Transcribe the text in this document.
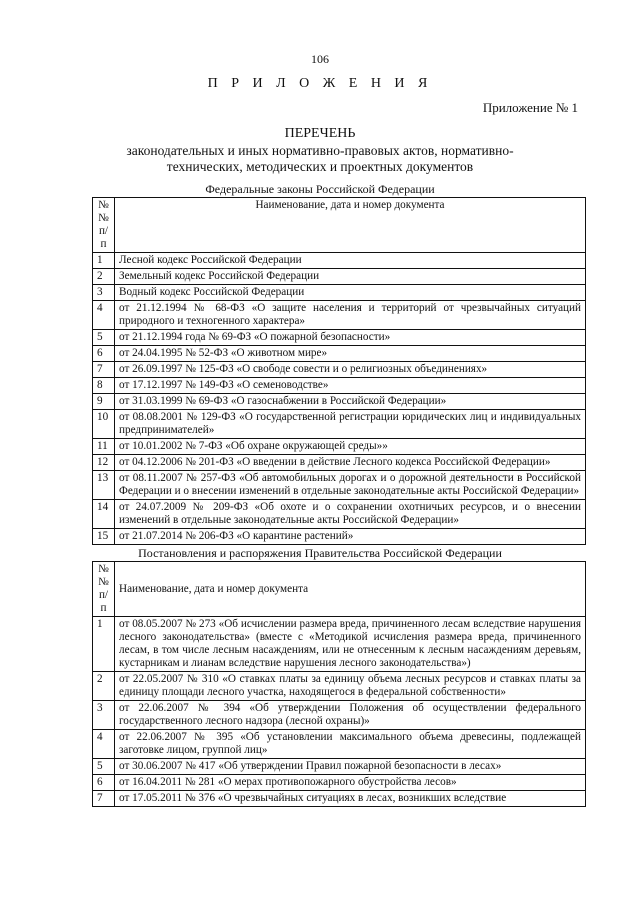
106
П Р И Л О Ж Е Н И Я
Приложение № 1
ПЕРЕЧЕНЬ
законодательных и иных нормативно-правовых актов, нормативно-технических, методических и проектных документов
Федеральные законы Российской Федерации
№№ п/п	Наименование, дата и номер документа
1	Лесной кодекс Российской Федерации
2	Земельный кодекс Российской Федерации
3	Водный кодекс Российской Федерации
4	от 21.12.1994 № 68-ФЗ «О защите населения и территорий от чрезвычайных ситуаций природного и техногенного характера»
5	от 21.12.1994 года № 69-ФЗ «О пожарной безопасности»
6	от 24.04.1995 № 52-ФЗ «О животном мире»
7	от 26.09.1997 № 125-ФЗ «О свободе совести и о религиозных объединениях»
8	от 17.12.1997 № 149-ФЗ «О семеноводстве»
9	от 31.03.1999 № 69-ФЗ «О газоснабжении в Российской Федерации»
10	от 08.08.2001 № 129-ФЗ «О государственной регистрации юридических лиц и индивидуальных предпринимателей»
11	от 10.01.2002 № 7-ФЗ «Об охране окружающей среды»»
12	от 04.12.2006 № 201-ФЗ «О введении в действие Лесного кодекса Российской Федерации»
13	от 08.11.2007 № 257-ФЗ «Об автомобильных дорогах и о дорожной деятельности в Российской Федерации и о внесении изменений в отдельные законодательные акты Российской Федерации»
14	от 24.07.2009 № 209-ФЗ «Об охоте и о сохранении охотничьих ресурсов, и о внесении изменений в отдельные законодательные акты Российской Федерации»
15	от 21.07.2014 № 206-ФЗ «О карантине растений»
Постановления и распоряжения Правительства Российской Федерации
№№ п/п	Наименование, дата и номер документа
1	от 08.05.2007 № 273 «Об исчислении размера вреда, причиненного лесам вследствие нарушения лесного законодательства» (вместе с «Методикой исчисления размера вреда, причиненного лесам, в том числе лесным насаждениям, или не отнесенным к лесным насаждениям деревьям, кустарникам и лианам вследствие нарушения лесного законодательства»)
2	от 22.05.2007 № 310 «О ставках платы за единицу объема лесных ресурсов и ставках платы за единицу площади лесного участка, находящегося в федеральной собственности»
3	от 22.06.2007 № 394 «Об утверждении Положения об осуществлении федерального государственного лесного надзора (лесной охраны)»
4	от 22.06.2007 № 395 «Об установлении максимального объема древесины, подлежащей заготовке лицом, группой лиц»
5	от 30.06.2007 № 417 «Об утверждении Правил пожарной безопасности в лесах»
6	от 16.04.2011 № 281 «О мерах противопожарного обустройства лесов»
7	от 17.05.2011 № 376 «О чрезвычайных ситуациях в лесах, возникших вследствие
